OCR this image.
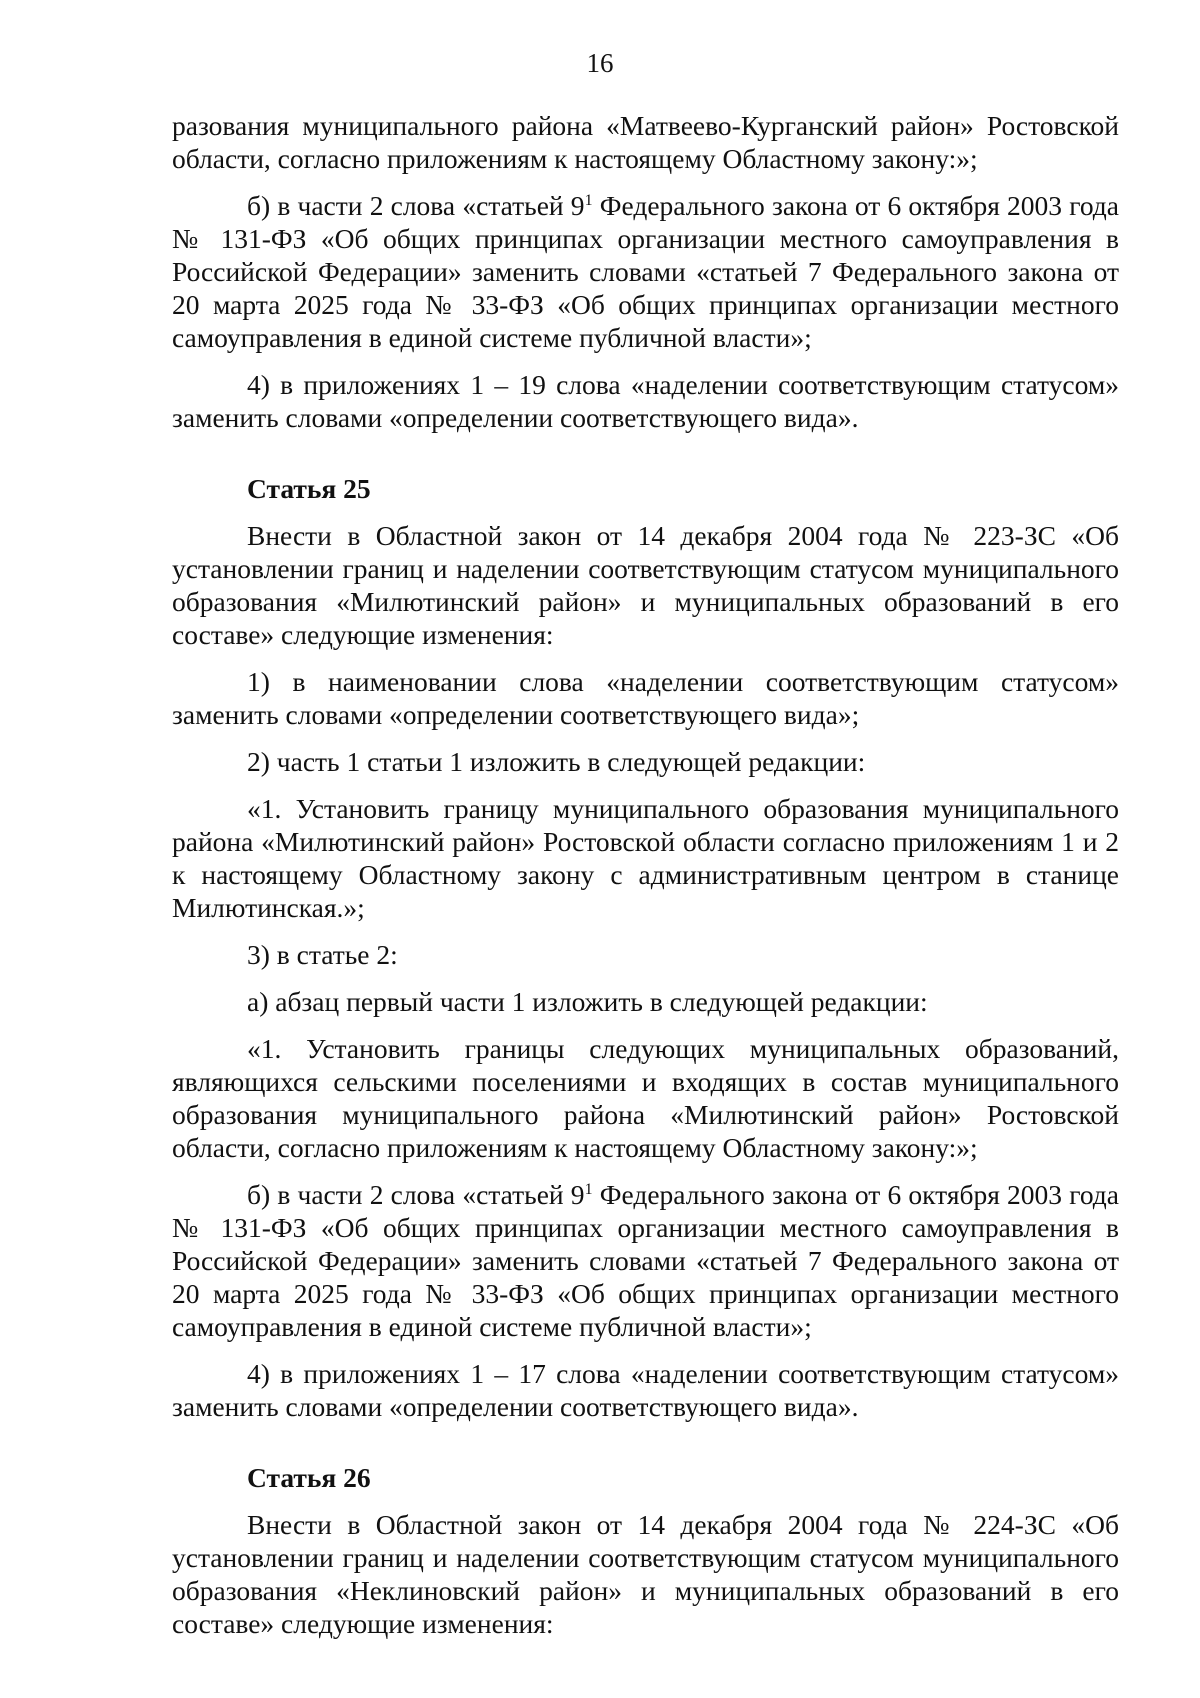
16

разования муниципального района «Матвеево-Курганский район» Ростовской области, согласно приложениям к настоящему Областному закону:»;

б) в части 2 слова «статьей $9^1$ Федерального закона от 6 октября 2003 года № 131-ФЗ «Об общих принципах организации местного самоуправления в Российской Федерации» заменить словами «статьей 7 Федерального закона от 20 марта 2025 года № 33-ФЗ «Об общих принципах организации местного самоуправления в единой системе публичной власти»;

4) в приложениях 1 – 19 слова «наделении соответствующим статусом» заменить словами «определении соответствующего вида».

Статья 25

Внести в Областной закон от 14 декабря 2004 года № 223-ЗС «Об установлении границ и наделении соответствующим статусом муниципального образования «Милютинский район» и муниципальных образований в его составе» следующие изменения:

1) в наименовании слова «наделении соответствующим статусом» заменить словами «определении соответствующего вида»;

2) часть 1 статьи 1 изложить в следующей редакции:

«1. Установить границу муниципального образования муниципального района «Милютинский район» Ростовской области согласно приложениям 1 и 2 к настоящему Областному закону с административным центром в станице Милютинская.»;

3) в статье 2:

а) абзац первый части 1 изложить в следующей редакции:

«1. Установить границы следующих муниципальных образований, являющихся сельскими поселениями и входящих в состав муниципального образования муниципального района «Милютинский район» Ростовской области, согласно приложениям к настоящему Областному закону:»;

б) в части 2 слова «статьей $9^1$ Федерального закона от 6 октября 2003 года № 131-ФЗ «Об общих принципах организации местного самоуправления в Российской Федерации» заменить словами «статьей 7 Федерального закона от 20 марта 2025 года № 33-ФЗ «Об общих принципах организации местного самоуправления в единой системе публичной власти»;

4) в приложениях 1 – 17 слова «наделении соответствующим статусом» заменить словами «определении соответствующего вида».

Статья 26

Внести в Областной закон от 14 декабря 2004 года № 224-ЗС «Об установлении границ и наделении соответствующим статусом муниципального образования «Неклиновский район» и муниципальных образований в его составе» следующие изменения:
